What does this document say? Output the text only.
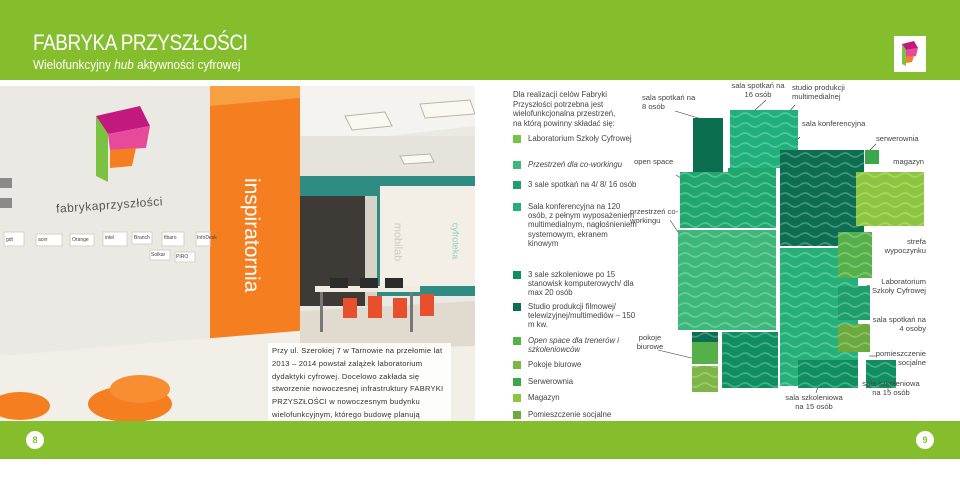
FABRYKA PRZYSZŁOŚCI
Wielofunkcyjny hub aktywności cyfrowej
fabrykaprzyszłości	inspiratornia	mobilab	cyfroteka
gdt	acer	Orange	intel	Branch	fibaro	InfoDesk
Solkar PIRO

Przy ul. Szerokiej 7 w Tarnowie na przełomie lat 2013 – 2014 powstał zalążek laboratorium dydaktyki cyfrowej. Docelowo zakłada się stworzenie nowoczesnej infrastruktury FABRYKI PRZYSZŁOŚCI w nowoczesnym budynku wielofunkcyjnym, którego budowę planują

8	9
Dla realizacji celów Fabryki Przyszłości potrzebna jest wielofunkcjonalna przestrzeń, na którą powinny składać się:
Laboratorium Szkoły Cyfrowej
Przestrzeń dla co-workingu
3 sale spotkań na 4/ 8/ 16 osób
Sala konferencyjna na 120 osób, z pełnym wyposażeniem multimedialnym, nagłośnieniem systemowym, ekranem kinowym
3 sale szkoleniowe po 15 stanowisk komputerowych/ dla max 20 osób
Studio produkcji filmowej/ telewizyjnej/multimediów – 150 m kw.
Open space dla trenerów i szkoleniowców
Pokoje biurowe
Serwerownia
Magazyn
Pomieszczenie socjalne
sala spotkań na 8 osób
sala spotkań na 16 osób
studio produkcji multimedialnej
sala konferencyjna
serwerownia
open space	magazyn
przestrzeń co-workingu
strefa wypoczynku
Laboratorium Szkoły Cyfrowej
sala spotkań na 4 osoby
pokoje biurowe
pomieszczenie socjalne
sala szkoleniowa na 15 osób
sala szkoleniowa na 15 osób
